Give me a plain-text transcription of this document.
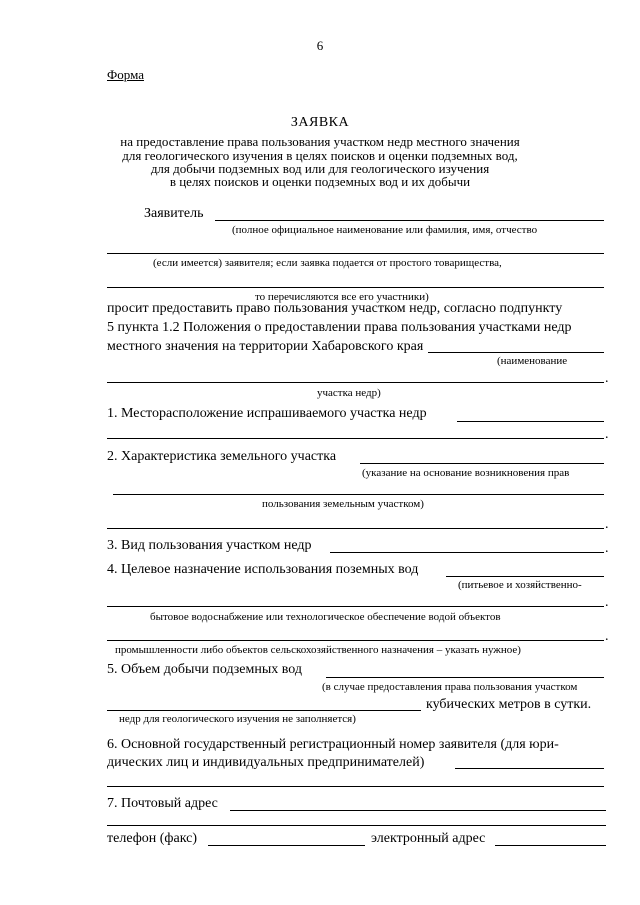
6
Форма
ЗАЯВКА
на предоставление права пользования участком недр местного значения
для геологического изучения в целях поисков и оценки подземных вод,
для добычи подземных вод или для геологического изучения
в целях поисков и оценки подземных вод и их добычи
Заявитель
(полное официальное наименование или фамилия, имя, отчество
(если имеется) заявителя; если заявка подается от простого товарищества,
то перечисляются все его участники)
просит предоставить право пользования участком недр, согласно подпункту
5 пункта 1.2 Положения о предоставлении права пользования участками недр
местного значения на территории Хабаровского края
(наименование
.
участка недр)
1. Месторасположение испрашиваемого участка недр
.
2. Характеристика земельного участка
(указание на основание возникновения прав
пользования земельным участком)
.
3. Вид пользования участком недр	.
4. Целевое назначение использования поземных вод
(питьевое и хозяйственно-
.
бытовое водоснабжение или технологическое обеспечение водой объектов
.
промышленности либо объектов сельскохозяйственного назначения – указать нужное)
5. Объем добычи подземных вод
(в случае предоставления права пользования участком
кубических метров в сутки.
недр для геологического изучения не заполняется)
6. Основной государственный регистрационный номер заявителя (для юри-
дических лиц и индивидуальных предпринимателей)
7. Почтовый адрес
телефон (факс)	электронный адрес
